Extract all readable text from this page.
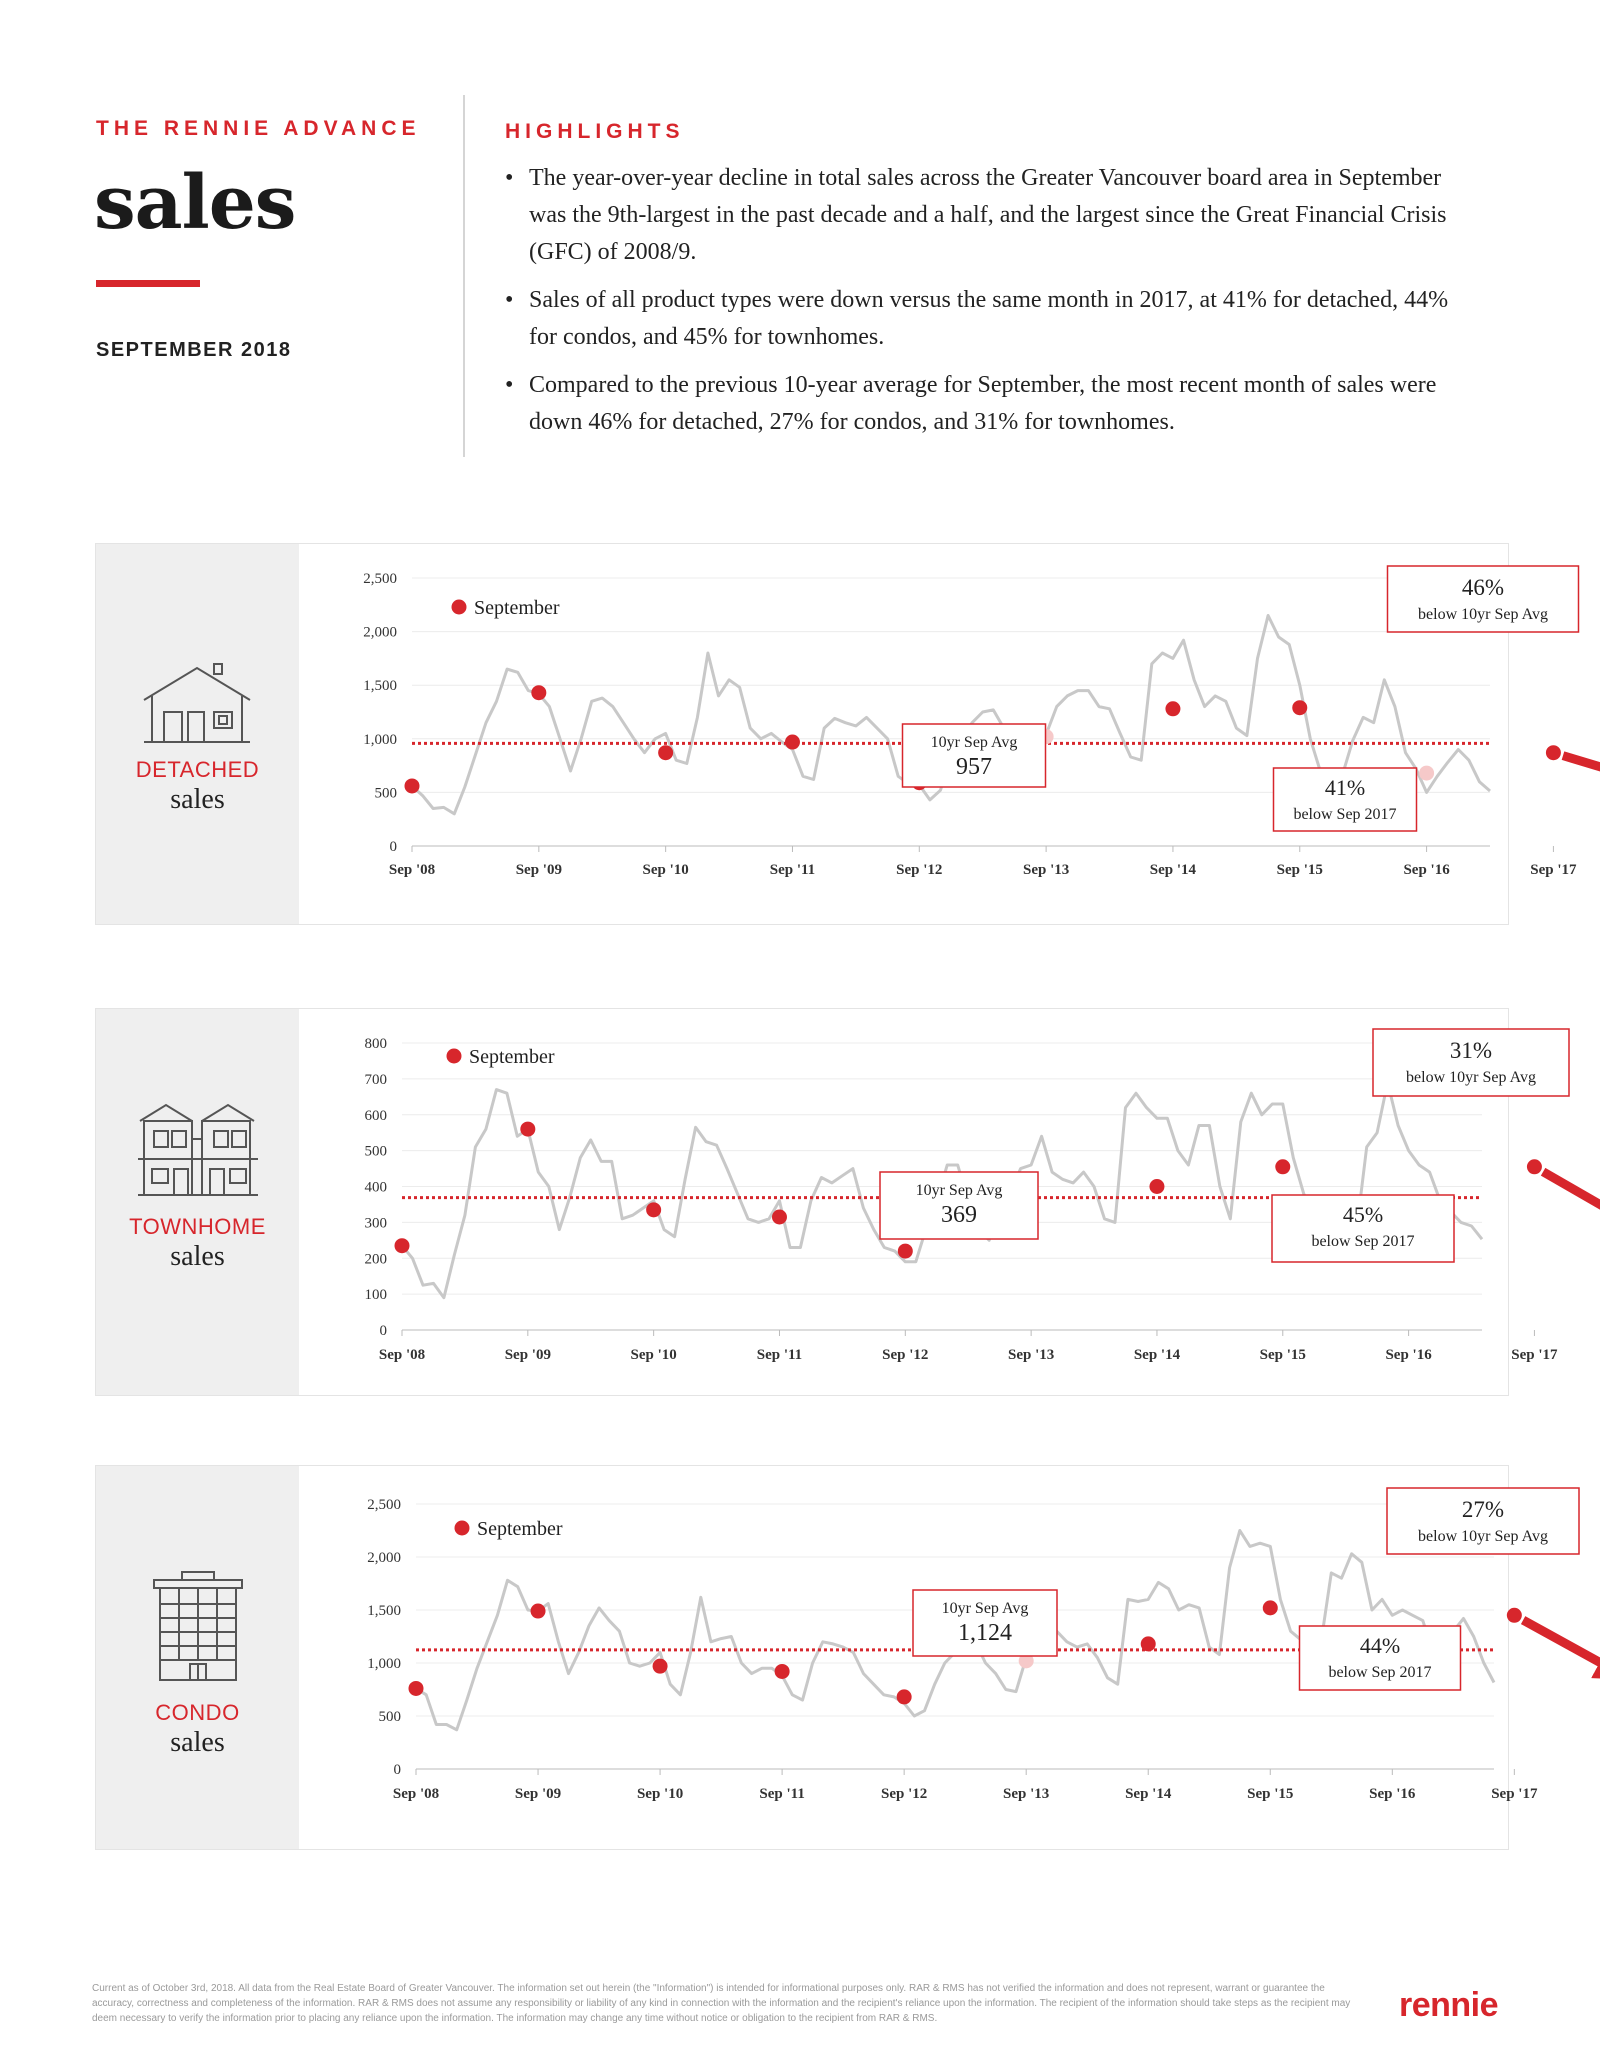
THE RENNIE ADVANCE
sales
SEPTEMBER 2018
HIGHLIGHTS
• The year-over-year decline in total sales across the Greater Vancouver board area in September was the 9th-largest in the past decade and a half, and the largest since the Great Financial Crisis (GFC) of 2008/9.
• Sales of all product types were down versus the same month in 2017, at 41% for detached, 44% for condos, and 45% for townhomes.
• Compared to the previous 10-year average for September, the most recent month of sales were down 46% for detached, 27% for condos, and 31% for townhomes.
DETACHED
sales
0
500
1,000
1,500
2,000
2,500
Sep '08	Sep '09	Sep '10	Sep '11	Sep '12	Sep '13	Sep '14	Sep '15	Sep '16	Sep '17
September
10yr Sep Avg
957
41%
below Sep 2017
46%
below 10yr Sep Avg
TOWNHOME
sales
0
100
200
300
400
500
600
700
800
Sep '08	Sep '09	Sep '10	Sep '11	Sep '12	Sep '13	Sep '14	Sep '15	Sep '16	Sep '17
September
10yr Sep Avg
369	45%
below Sep 2017
31%
below 10yr Sep Avg
CONDO
sales
0
500
1,000
1,500
2,000
2,500
Sep '08	Sep '09	Sep '10	Sep '11	Sep '12	Sep '13	Sep '14	Sep '15	Sep '16	Sep '17
September
10yr Sep Avg
1,124	44%
below Sep 2017
27%
below 10yr Sep Avg
Current as of October 3rd, 2018. All data from the Real Estate Board of Greater Vancouver. The information set out herein (the "Information") is intended for informational purposes only. RAR & RMS has not verified the information and does not represent, warrant or guarantee the accuracy, correctness and completeness of the information. RAR & RMS does not assume any responsibility or liability of any kind in connection with the information and the recipient's reliance upon the information. The recipient of the information should take steps as the recipient may deem necessary to verify the information prior to placing any reliance upon the information. The information may change any time without notice or obligation to the recipient from RAR & RMS.	rennie
